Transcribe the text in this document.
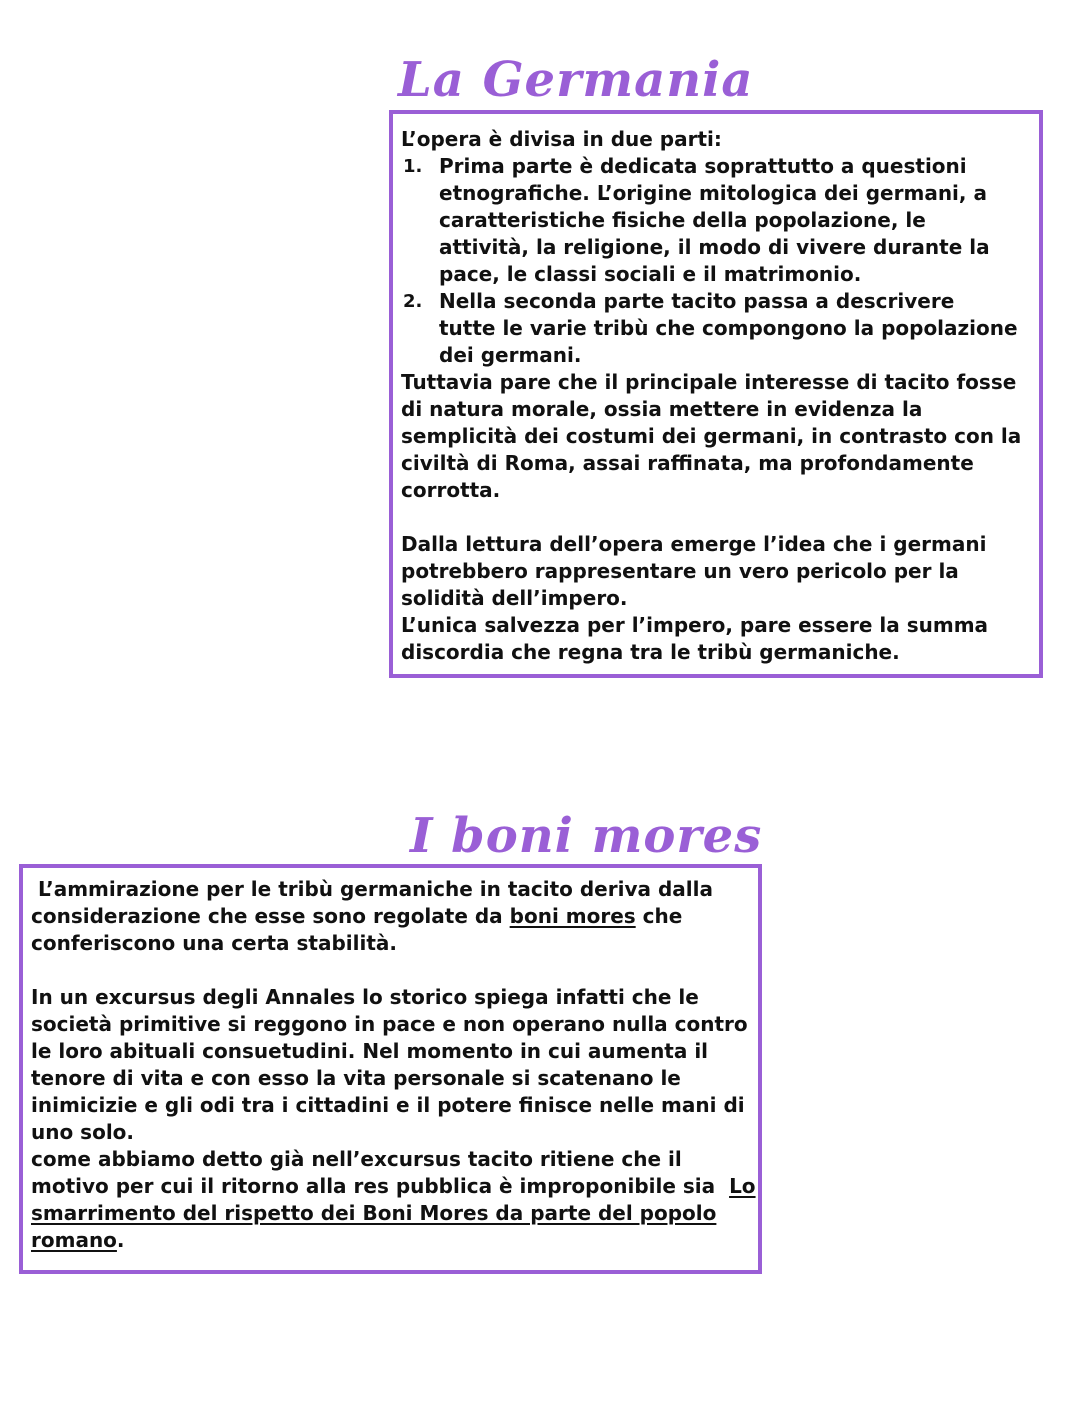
La Germania

L’opera è divisa in due parti:

1. Prima parte è dedicata soprattutto a questioni

etnografiche. L’origine mitologica dei germani, a

caratteristiche fisiche della popolazione, le

attività, la religione, il modo di vivere durante la

pace, le classi sociali e il matrimonio.

2. Nella seconda parte tacito passa a descrivere

tutte le varie tribù che compongono la popolazione

dei germani.

Tuttavia pare che il principale interesse di tacito fosse

di natura morale, ossia mettere in evidenza la

semplicità dei costumi dei germani, in contrasto con la

civiltà di Roma, assai raffinata, ma profondamente

corrotta.

Dalla lettura dell’opera emerge l’idea che i germani

potrebbero rappresentare un vero pericolo per la

solidità dell’impero.

L’unica salvezza per l’impero, pare essere la summa

discordia che regna tra le tribù germaniche.

I boni mores

L’ammirazione per le tribù germaniche in tacito deriva dalla

considerazione che esse sono regolate da boni mores che

conferiscono una certa stabilità.

In un excursus degli Annales lo storico spiega infatti che le

società primitive si reggono in pace e non operano nulla contro

le loro abituali consuetudini. Nel momento in cui aumenta il

tenore di vita e con esso la vita personale si scatenano le

inimicizie e gli odi tra i cittadini e il potere finisce nelle mani di

uno solo.

come abbiamo detto già nell’excursus tacito ritiene che il

motivo per cui il ritorno alla res pubblica è improponibile sia  Lo

smarrimento del rispetto dei Boni Mores da parte del popolo

romano.
